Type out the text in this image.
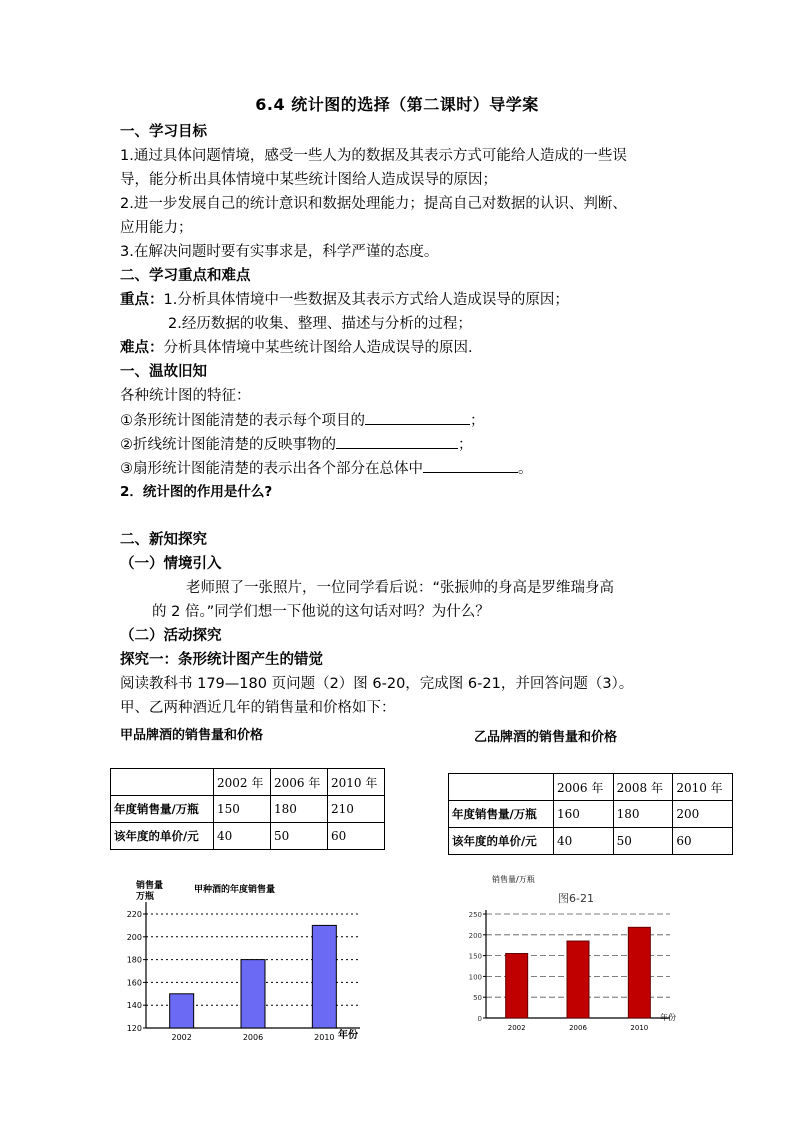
6.4 统计图的选择（第二课时）导学案
一、学习目标
1.通过具体问题情境，感受一些人为的数据及其表示方式可能给人造成的一些误
导，能分析出具体情境中某些统计图给人造成误导的原因；
2.进一步发展自己的统计意识和数据处理能力；提高自己对数据的认识、判断、
应用能力；
3.在解决问题时要有实事求是，科学严谨的态度。
二、学习重点和难点
重点：1.分析具体情境中一些数据及其表示方式给人造成误导的原因；
2.经历数据的收集、整理、描述与分析的过程；
难点：分析具体情境中某些统计图给人造成误导的原因.
一、温故旧知
各种统计图的特征：
①条形统计图能清楚的表示每个项目的	；
②折线统计图能清楚的反映事物的	；
③扇形统计图能清楚的表示出各个部分在总体中	。
2．统计图的作用是什么?
二、新知探究
（一）情境引入
老师照了一张照片，一位同学看后说：“张振帅的身高是罗维瑞身高
的 2 倍。”同学们想一下他说的这句话对吗？为什么？
（二）活动探究
探究一：条形统计图产生的错觉
阅读教科书 179—180 页问题（2）图 6-20，完成图 6-21，并回答问题（3）。
甲、乙两种酒近几年的销售量和价格如下：
甲品牌酒的销售量和价格	乙品牌酒的销售量和价格
	2002 年	2006 年	2010 年
年度销售量/万瓶	150	180	210
该年度的单价/元	40	50	60
	2006 年	2008 年	2010 年
年度销售量/万瓶	160	180	200
该年度的单价/元	40	50	60
销售量
万瓶
甲种酒的年度销售量
年份
120
140
160
180
200
220
2002	2006	2010
销售量/万瓶
图6-21
年份
0
50
100
150
200
250
2002	2006	2010
